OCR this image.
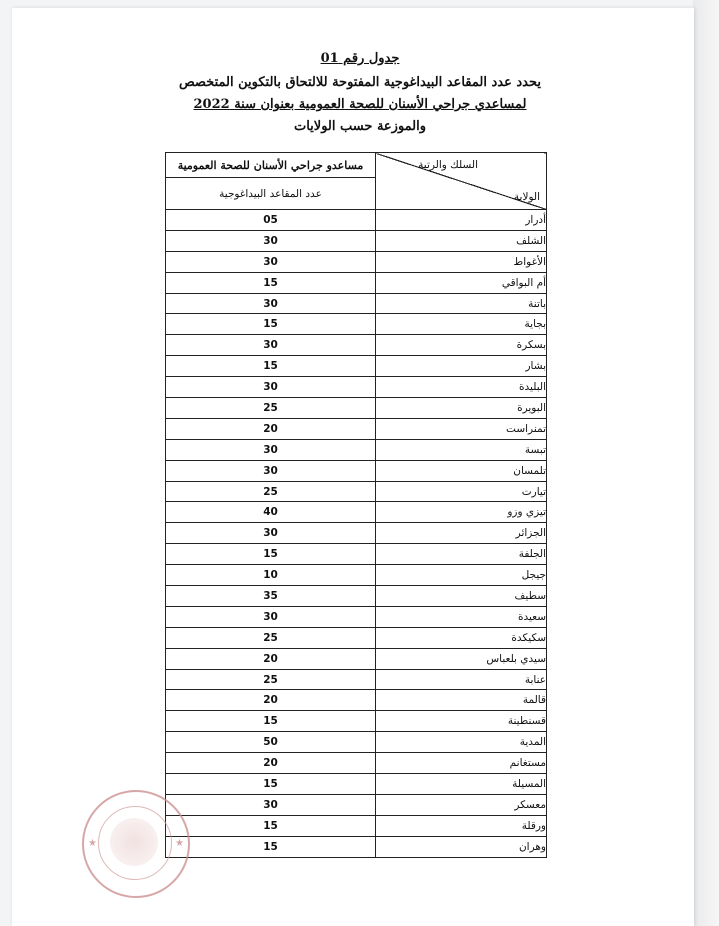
جدول رقم 01
يحدد عدد المقاعد البيداغوجية المفتوحة للالتحاق بالتكوين المتخصص
لمساعدي جراحي الأسنان للصحة العمومية بعنوان سنة 2022
والموزعة حسب الولايات
السلك والرتبة
الولاية	مساعدو جراحي الأسنان للصحة العمومية
	عدد المقاعد البيداغوجية
أدرار	05
الشلف	30
الأغواط	30
أم البواقي	15
باتنة	30
بجاية	15
بسكرة	30
بشار	15
البليدة	30
البويرة	25
تمنراست	20
تبسة	30
تلمسان	30
تيارت	25
تيزي وزو	40
الجزائر	30
الجلفة	15
جيجل	10
سطيف	35
سعيدة	30
سكيكدة	25
سيدي بلعباس	20
عنابة	25
قالمة	20
قسنطينة	15
المدية	50
مستغانم	20
المسيلة	15
معسكر	30
ورقلة	15
وهران	15
★	★
